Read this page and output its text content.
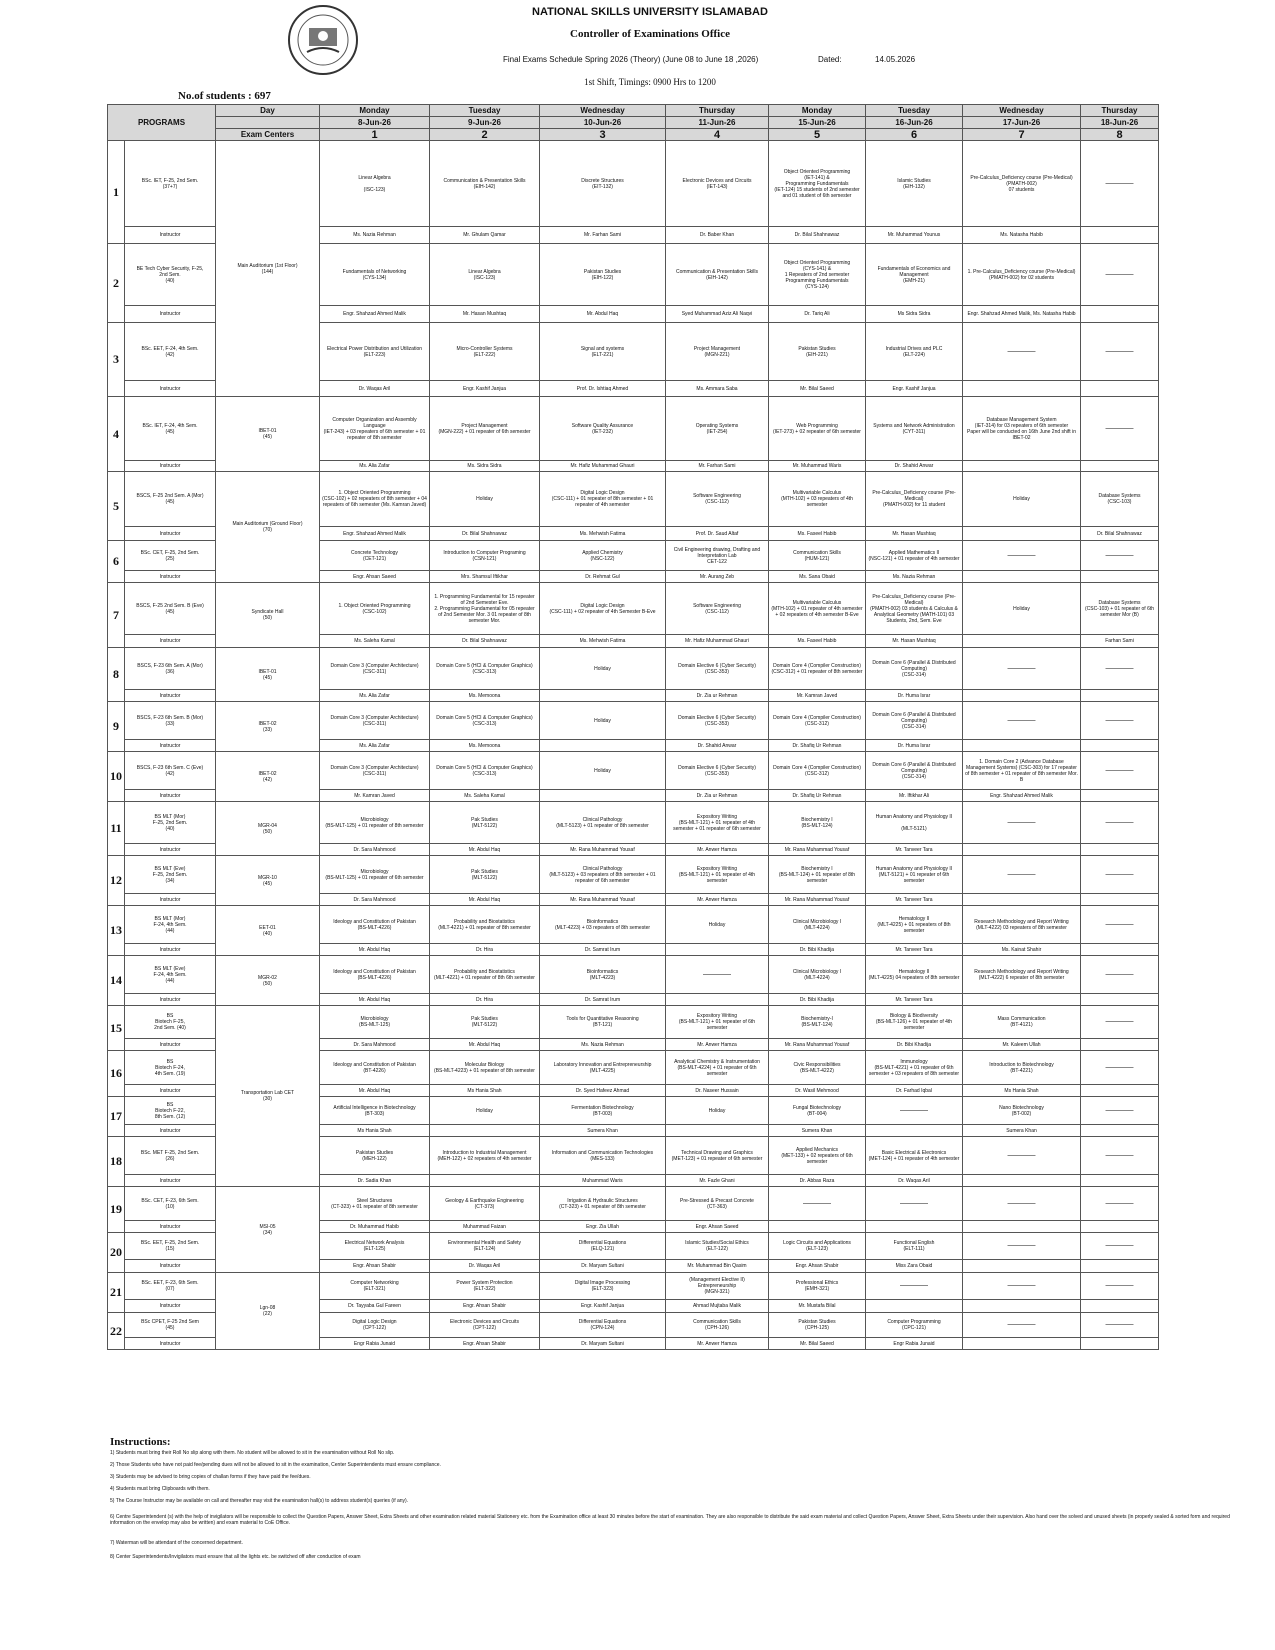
NATIONAL SKILLS UNIVERSITY ISLAMABAD
Controller of Examinations Office
Final Exams Schedule Spring 2026 (Theory) (June 08 to June 18 ,2026)	Dated:	14.05.2026
1st Shift, Timings: 0900 Hrs to 1200
No.of students : 697
PROGRAMS		Day	Monday	Tuesday	Wednesday	Thursday	Monday	Tuesday	Wednesday	Thursday
			8-Jun-26	9-Jun-26	10-Jun-26	11-Jun-26	15-Jun-26	16-Jun-26	17-Jun-26	18-Jun-26
		Exam Centers	1	2	3	4	5	6	7	8
1	BSc. IET, F-25, 2nd Sem.
(37+7)	Main Auditorium (1st Floor)
(144)	Linear Algebra

(ISC-123)	Communication & Presentation Skills
(EIH-142)	Discrete Structures
(EIT-132)	Electronic Devices and Circuits
(IET-143)	Object Oriented Programming
(IET-141) &
Programming Fundamentals
(IET-124) 15 students of 2nd semester and 01 student of 6th semester	Islamic Studies
(EIH-132)	Pre-Calculus_Deficiency course (Pre-Medical)
(PMATH-002)
07 students	————
	Instructor		Ms. Nazia Rehman	Mr. Ghulam Qamar	Mr. Farhan Sami	Dr. Baber Khan	Dr. Bilal Shahnawaz	Mr. Muhammad Younus	Ms. Natasha Habib	
2	BE Tech Cyber Security, F-25,
2nd Sem.
(40)		Fundamentals of Networking
(CYS-134)	Linear Algebra
(ISC-123)	Pakistan Studies
(EIH-122)	Communication & Presentation Skills
(EIH-142)	Object Oriented Programming
(CYS-141) &
1 Repeaters of 2nd semester Programming Fundamentals
(CYS-124)	Fundamentals of Economics and Management
(EMH-21)	1. Pre-Calculus_Deficiency course (Pre-Medical) (PMATH-002) for 02 students	————
	Instructor		Engr. Shahzad Ahmed Malik	Mr. Hasan Mushtaq	Mr. Abdul Haq	Syed Muhammad Aziz Ali Naqvi	Dr. Tariq Ali	Ms Sidra Sidra	Engr. Shahzad Ahmed Malik, Ms. Natasha Habib	
3	BSc. EET, F-24, 4th Sem.
(42)		Electrical Power Distribution and Utilization
(ELT-223)	Micro-Controller Systems
(ELT-222)	Signal and systems
(ELT-221)	Project Management
(MGN-221)	Pakistan Studies
(EIH-221)	Industrial Drives and PLC
(ELT-224)	————	————
	Instructor		Dr. Waqas Aril	Engr. Kashif Janjua	Prof. Dr. Ishtiaq Ahmed	Ms. Ammara Saba	Mr. Bilal Saeed	Engr. Kashif Janjua		
4	BSc. IET, F-24, 4th Sem.
(45)	IBET-01
(45)	Computer Organization and Assembly Language
(IET-243) + 03 repeaters of 6th semester + 01 repeater of 8th semester	Project Management
(MGN-222) + 01 repeater of 6th semester	Software Quality Assurance
(IET-232)	Operating Systems
(IET-254)	Web Programming
(IET-273) + 02 repeater of 6th semester	Systems and Network Administration
(CYT-311)	Database Management System
(IET-314) for 03 repeaters of 6th semester
Paper will be conducted on 16th June 2nd shift in IBET-02	————
	Instructor		Ms. Alia Zafar	Ms. Sidra Sidra	Mr. Hafiz Muhammad Ghauri	Mr. Farhan Sami	Mr. Muhammad Waris	Dr. Shahid Anwar		
5	BSCS, F-25 2nd Sem. A (Mor)
(45)	Main Auditorium (Ground Floor)
(70)	1. Object Oriented Programming
(CSC-102) + 02 repeaters of 8th semester + 04 repeaters of 6th semester (Ms. Kamran Javed)	Holiday	Digital Logic Design
(CSC-111) + 01 repeater of 8th semester + 01 repeater of 4th semester	Software Engineering
(CSC-112)	Multivariable Calculus
(MTH-102) + 03 repeaters of 4th semester	Pre-Calculus_Deficiency course (Pre-Medical)
(PMATH-002) for 11 student	Holiday	Database Systems
(CSC-103)
	Instructor		Engr. Shahzad Ahmed Malik	Dr. Bilal Shahnawaz	Ms. Mehwish Fatima	Prof. Dr. Saud Altaf	Ms. Faseel Habib	Mr. Hasan Mushtaq		Dr. Bilal Shahnawaz
6	BSc. CET, F-25, 2nd Sem.
(25)		Concrete Technology
(CET-121)	Introduction to Computer Programing
(CSN-121)	Applied Chemistry
(NSC-122)	Civil Engineering drawing, Drafting and Interpretation Lab
CET-122	Communication Skills
(HUM-121)	Applied Mathematics II
(NSC-121) + 01 repeater of 4th semester	————	————
	Instructor		Engr. Ahsan Saeed	Mrs. Shamsul Iftikhar	Dr. Rehmat Gul	Mr. Aurang Zeb	Ms. Sana Obaid	Ms. Nazia Rehman		
7	BSCS, F-25 2nd Sem. B (Eve)
(45)	Syndicate Hall
(50)	1. Object Oriented Programming
(CSC-102)	1. Programming Fundamental for 15 repeater of 2nd Semester Eve.
2. Programming Fundamental for 05 repeater of 2nd Semester Mor. 3 01 repeater of 8th semester Mor.	Digital Logic Design
(CSC-111) + 02 repeater of 4th Semester B-Eve	Software Engineering
(CSC-112)	Multivariable Calculus
(MTH-102) + 01 repeater of 4th semester + 02 repeaters of 4th semester B-Eve	Pre-Calculus_Deficiency course (Pre-Medical)
(PMATH-002) 03 students & Calculus & Analytical Geometry (MATH-101) 03 Students, 2nd, Sem. Eve	Holiday	Database Systems
(CSC-103) + 01 repeater of 6th semester Mor (B)
	Instructor		Ms. Saleha Kamal	Dr. Bilal Shahnawaz	Ms. Mehwish Fatima	Mr. Hafiz Muhammad Ghauri	Ms. Faseel Habib	Mr. Hasan Mushtaq		Farhan Sami
8	BSCS, F-23 6th Sem. A (Mor)
(36)	IBET-01
(45)	Domain Core 3 (Computer Architecture)
(CSC-311)	Domain Core 5 (HCI & Computer Graphics)
(CSC-313)	Holiday	Domain Elective 6 (Cyber Security)
(CSC-353)	Domain Core 4 (Compiler Construction)
(CSC-312) + 01 repeater of 8th semester	Domain Core 6 (Parallel & Distributed Computing)
(CSC-314)	————	————
	Instructor		Ms. Alia Zafar	Ms. Memoona		Dr. Zia ur Rehman	Mr. Kamran Javed	Dr. Huma Israr		
9	BSCS, F-23 6th Sem. B (Mor)
(33)	IBET-02
(33)	Domain Core 3 (Computer Architecture)
(CSC-311)	Domain Core 5 (HCI & Computer Graphics)
(CSC-313)	Holiday	Domain Elective 6 (Cyber Security)
(CSC-353)	Domain Core 4 (Compiler Construction)
(CSC-312)	Domain Core 6 (Parallel & Distributed Computing)
(CSC-314)	————	————
	Instructor		Ms. Alia Zafar	Ms. Memoona		Dr. Shahid Anwar	Dr. Shafiq Ur Rehman	Dr. Huma Israr		
10	BSCS, F-23 6th Sem. C (Eve)
(42)	IBET-02
(42)	Domain Core 3 (Computer Architecture)
(CSC-311)	Domain Core 5 (HCI & Computer Graphics)
(CSC-313)	Holiday	Domain Elective 6 (Cyber Security)
(CSC-353)	Domain Core 4 (Compiler Construction)
(CSC-312)	Domain Core 6 (Parallel & Distributed Computing)
(CSC-314)	1. Domain Core 2 (Advance Database Management Systems) (CSC-303) for 17 repeater of 8th semester + 01 repeater of 8th semester Mor. B	————
	Instructor		Mr. Kamran Javed	Ms. Saleha Kamal		Dr. Zia ur Rehman	Dr. Shafiq Ur Rehman	Mr. Iftikhar Ali	Engr. Shahzad Ahmed Malik	
11	BS MLT (Mor)
F-25, 2nd Sem.
(40)	MGR-04
(50)	Microbiology
(BS-MLT-125) + 01 repeater of 8th semester	Pak Studies
(MLT-5122)	Clinical Pathology
(MLT-5123) + 01 repeater of 8th semester	Expository Writing
(BS-MLT-121) + 01 repeater of 4th semester + 01 repeater of 6th semester	Biochemistry I
(BS-MLT-124)	Human Anatomy and Physiology II

(MLT-5121)	————	————
	Instructor		Dr. Sara Mahmood	Mr. Abdul Haq	Mr. Rana Muhammad Yousaf	Mr. Anwer Hamza	Mr. Rana Muhammad Yousaf	Mr. Tanveer Tara		
12	BS MLT (Eve)
F-25, 2nd Sem.
(34)	MGR-10
(45)	Microbiology
(BS-MLT-125) + 01 repeater of 6th semester	Pak Studies
(MLT-5122)	Clinical Pathology
(MLT-5123) + 03 repeaters of 8th semester + 01 repeater of 6th semester	Expository Writing
(BS-MLT-121) + 01 repeater of 4th semester	Biochemistry I
(BS-MLT-124) + 01 repeater of 8th semester	Human Anatomy and Physiology II
(MLT-5121) + 01 repeater of 6th semester	————	————
	Instructor		Dr. Sara Mahmood	Mr. Abdul Haq	Mr. Rana Muhammad Yousaf	Mr. Anwer Hamza	Mr. Rana Muhammad Yousaf	Mr. Tanveer Tara		
13	BS MLT (Mor)
F-24, 4th Sem.
(44)	EET-01
(40)	Ideology and Constitution of Pakistan
(BS-MLT-4226)	Probability and Biostatistics
(MLT-4221) + 01 repeater of 8th semester	Bioinformatics
(MLT-4223) + 03 repeaters of 8th semester	Holiday	Clinical Microbiology I
(MLT-4224)	Hematology II
(MLT-4225) + 01 repeaters of 8th semester	Research Methodology and Report Writing
(MLT-4222) 03 repeaters of 8th semester	————
	Instructor		Mr. Abdul Haq	Dr. Hira	Dr. Samrat Irum		Dr. Bibi Khadija	Mr. Tanveer Tara	Ms. Kainat Shahir	
14	BS MLT (Eve)
F-24, 4th Sem.
(44)	MGR-02
(50)	Ideology and Constitution of Pakistan
(BS-MLT-4226)	Probability and Biostatistics
(MLT-4221) + 01 repeater of 8th 6th semester	Bioinformatics
(MLT-4223)	————	Clinical Microbiology I
(MLT-4224)	Hematology II
(MLT-4225) 04 repeaters of 8th semester	Research Methodology and Report Writing
(MLT-4222) 6 repeater of 8th semester	————
	Instructor		Mr. Abdul Haq	Dr. Hira	Dr. Samrat Irum		Dr. Bibi Khadija	Mr. Tanveer Tara		
15	BS
Biotech F-25,
2nd Sem. (40)	Transportation Lab CET
(30)	Microbiology
(BS-MLT-125)	Pak Studies
(MLT-5122)	Tools for Quantitative Reasoning
(BT-121)	Expository Writing
(BS-MLT-121) + 01 repeater of 6th semester	Biochemistry-I
(BS-MLT-124)	Biology & Biodiversity
(BS-MLT-126) + 01 repeater of 4th semester	Mass Communication
(BT-4121)	————
	Instructor		Dr. Sara Mahmood	Mr. Abdul Haq	Ms. Nazia Rehman	Mr. Anwer Hamza	Mr. Rana Muhammad Yousaf	Dr. Bibi Khadija	Mr. Kaleem Ullah	
16	BS
Biotech F-24,
4th Sem. (19)		Ideology and Constitution of Pakistan
(BT-4226)	Molecular Biology
(BS-MLT-4223) + 01 repeater of 8th semester	Laboratory Innovation and Entrepreneurship
(MLT-4225)	Analytical Chemistry & Instrumentation
(BS-MLT-4224) + 01 repeater of 6th semester	Civic Responsibilities
(BS-MLT-4222)	Immunology
(BS-MLT-4221) + 01 repeater of 6th semester + 03 repeaters of 8th semester	Introduction to Biotechnology
(BT-4221)	————
	Instructor		Mr. Abdul Haq	Ms Hania Shah	Dr. Syed Hafeez Ahmad	Dr. Naseer Hussain	Dr. Wasil Mehmood	Dr. Farhad Iqbal	Ms Hania Shah	
17	BS
Biotech F-22,
8th Sem. (12)		Artificial Intelligence in Biotechnology
(BT-303)	Holiday	Fermentation Biotechnology
(BT-003)	Holiday	Fungal Biotechnology
(BT-004)	————	Nano Biotechnology
(BT-002)	————
	Instructor		Ms Hania Shah		Sumera Khan		Sumera Khan		Sumera Khan	
18	BSc. MET F-25, 2nd Sem.
(26)		Pakistan Studies
(MEH-122)	Introduction to Industrial Management
(MEH-122) + 02 repeaters of 4th semester	Information and Communication Technologies
(MES-133)	Technical Drawing and Graphics
(MET-123) + 01 repeater of 6th semester	Applied Mechanics
(MET-133) + 02 repeaters of 6th semester	Basic Electrical & Electronics
(MET-124) + 01 repeater of 4th semester	————	————
	Instructor		Dr. Sadia Khan		Muhammad Waris	Mr. Fazle Ghani	Dr. Abbas Raza	Dr. Waqas Aril		
19	BSc. CET, F-23, 6th Sem.
(10)	MSI-05
(34)	Steel Structures
(CT-323) + 01 repeater of 8th semester	Geology & Earthquake Engineering
(CT-373)	Irrigation & Hydraulic Structures
(CT-323) + 01 repeater of 8th semester	Pre-Stressed & Precast Concrete
(CT-363)	————	————	————	————
	Instructor		Dr. Muhammad Habib	Muhammad Faizan	Engr. Zia Ullah	Engr. Ahsan Saeed				
20	BSc. EET, F-25, 2nd Sem.
(15)		Electrical Network Analysis
(ELT-125)	Environmental Health and Safety
(ELT-124)	Differential Equations
(ELQ-121)	Islamic Studies/Social Ethics
(ELT-122)	Logic Circuits and Applications
(ELT-123)	Functional English
(ELT-111)	————	————
	Instructor		Engr. Ahsan Shabir	Dr. Waqas Aril	Dr. Maryam Sultani	Mr. Muhammad Bin Qasim	Engr. Ahsan Shabir	Miss Zara Obaid		
21	BSc. EET, F-23, 6th Sem.
(07)	Lgn-08
(22)	Computer Networking
(ELT-321)	Power System Protection
(ELT-322)	Digital Image Processing
(ELT-323)	(Management Elective II)
Entrepreneurship
(MGN-321)	Professional Ethics
(EMH-321)	————	————	————
	Instructor		Dr. Tayyaba Gul Fareen	Engr. Ahsan Shabir	Engr. Kashif Janjua	Ahmad Mujtaba Malik	Mr. Mustafa Bilal			
22	BSc CPET, F-25 2nd Sem
(45)		Digital Logic Design
(CPT-122)	Electronic Devices and Circuits
(CPT-122)	Differential Equations
(CPN-124)	Communication Skills
(CPH-126)	Pakistan Studies
(CPH-125)	Computer Programming
(CPC-121)	————	————
	Instructor		Engr Rabia Junaid	Engr. Ahsan Shabir	Dr. Maryam Sultani	Mr. Anwer Hamza	Mr. Bilal Saeed	Engr Rabia Junaid		
Instructions:
1) Students must bring their Roll No slip along with them. No student will be allowed to sit in the examination without Roll No slip.
2) Those Students who have not paid fee/pending dues will not be allowed to sit in the examination, Center Superintendents must ensure compliance.
3) Students may be advised to bring copies of challan forms if they have paid the fee/dues.
4) Students must bring Clipboards with them.
5) The Course Instructor may be available on call and thereafter may visit the examination hall(s) to address student(s) queries (if any).
6) Centre Superintendent (s) with the help of invigilators will be responsible to collect the Question Papers, Answer Sheet, Extra Sheets and other examination related material Stationery etc. from the Examination office at least 30 minutes before the start of examination. They are also responsible to distribute the said exam material and collect Question Papers, Answer Sheet, Extra Sheets under their supervision. Also hand over the solved and unused sheets (in properly sealed & sorted form and required information on the envelop may also be written) and exam material to CoE Office.
7) Waterman will be attendant of the concerned department.
8) Center Superintendents/Invigilators must ensure that all the lights etc. be switched off after conduction of exam
